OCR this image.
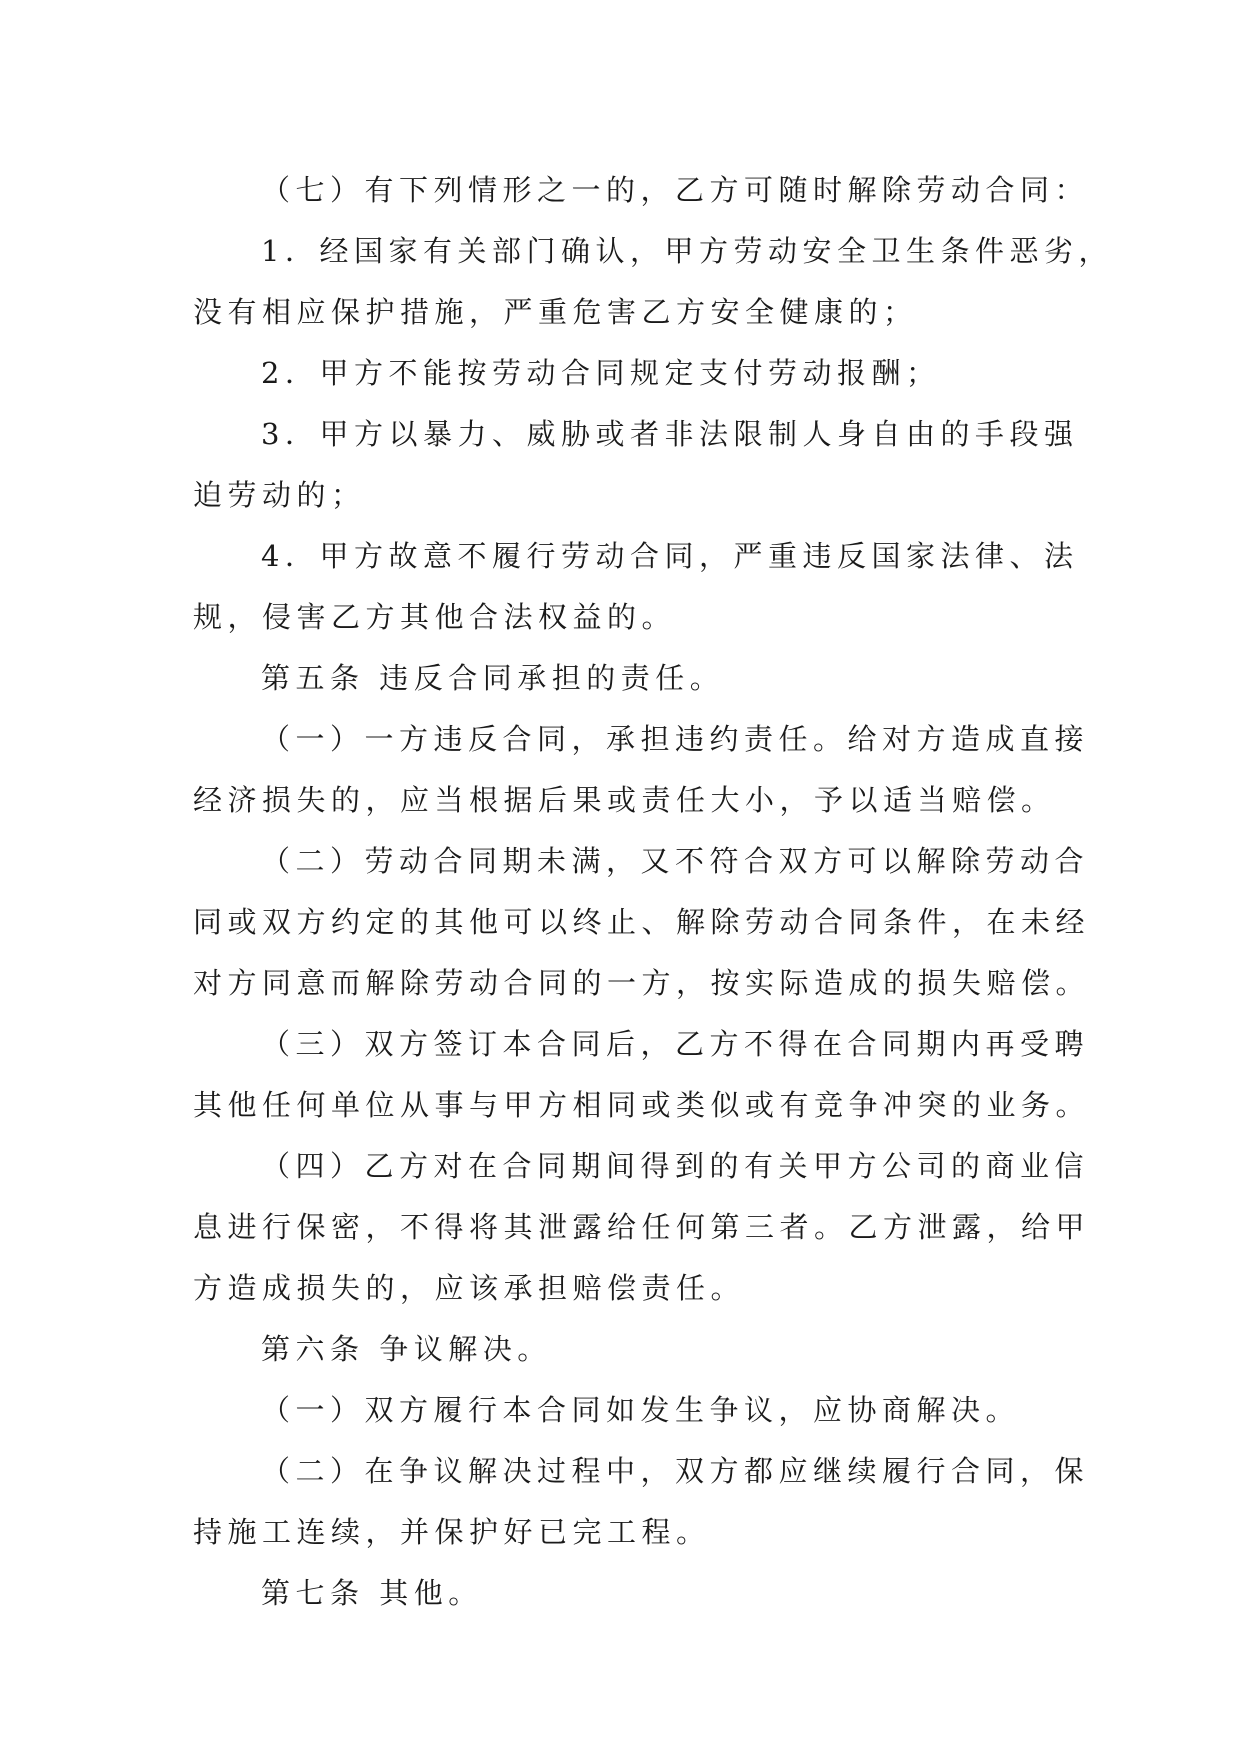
（七）有下列情形之一的，乙方可随时解除劳动合同：

1．经国家有关部门确认，甲方劳动安全卫生条件恶劣，
没有相应保护措施，严重危害乙方安全健康的；

2．甲方不能按劳动合同规定支付劳动报酬；

3．甲方以暴力、威胁或者非法限制人身自由的手段强
迫劳动的；

4．甲方故意不履行劳动合同，严重违反国家法律、法
规，侵害乙方其他合法权益的。

第五条 违反合同承担的责任。

（一）一方违反合同，承担违约责任。给对方造成直接
经济损失的，应当根据后果或责任大小，予以适当赔偿。

（二）劳动合同期未满，又不符合双方可以解除劳动合
同或双方约定的其他可以终止、解除劳动合同条件，在未经
对方同意而解除劳动合同的一方，按实际造成的损失赔偿。

（三）双方签订本合同后，乙方不得在合同期内再受聘
其他任何单位从事与甲方相同或类似或有竞争冲突的业务。

（四）乙方对在合同期间得到的有关甲方公司的商业信
息进行保密，不得将其泄露给任何第三者。乙方泄露，给甲
方造成损失的，应该承担赔偿责任。

第六条 争议解决。

（一）双方履行本合同如发生争议，应协商解决。

（二）在争议解决过程中，双方都应继续履行合同，保
持施工连续，并保护好已完工程。

第七条 其他。
